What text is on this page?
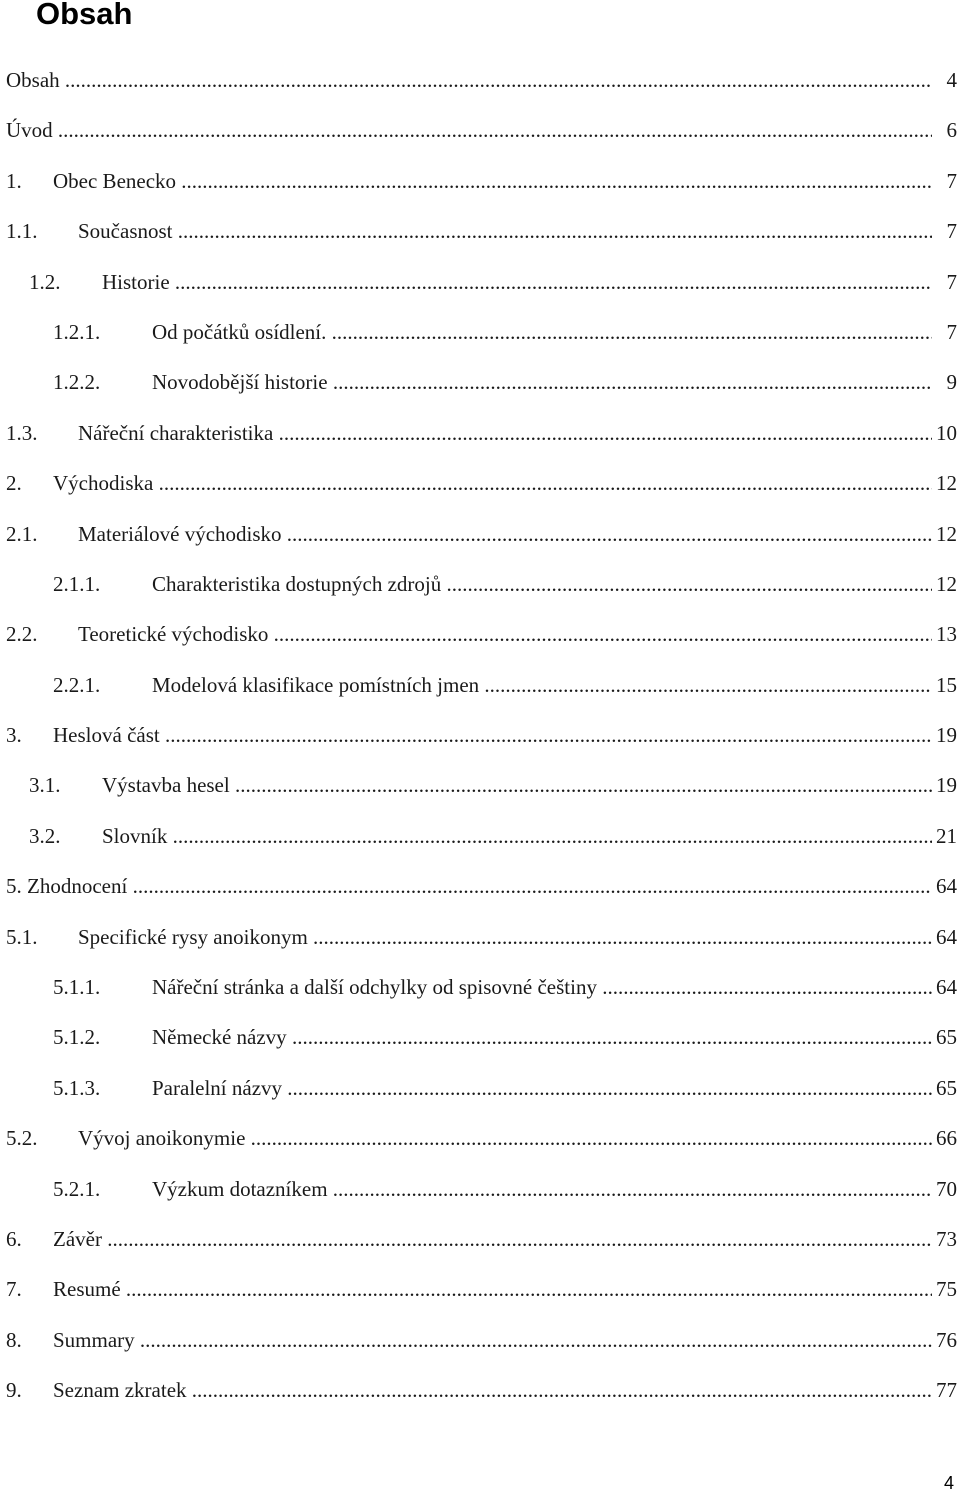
Obsah
Obsah .....	4
Úvod .....	6
1. Obec Benecko .....	7
1.1. Současnost .....	7
1.2. Historie .....	7
1.2.1. Od počátků osídlení. .....	7
1.2.2. Novodobější historie .....	9
1.3. Nářeční charakteristika .....	10
2. Východiska .....	12
2.1. Materiálové východisko .....	12
2.1.1. Charakteristika dostupných zdrojů .....	12
2.2. Teoretické východisko .....	13
2.2.1. Modelová klasifikace pomístních jmen .....	15
3. Heslová část .....	19
3.1. Výstavba hesel .....	19
3.2. Slovník .....	21
5. Zhodnocení .....	64
5.1. Specifické rysy anoikonym .....	64
5.1.1. Nářeční stránka a další odchylky od spisovné češtiny .....	64
5.1.2. Německé názvy .....	65
5.1.3. Paralelní názvy .....	65
5.2. Vývoj anoikonymie .....	66
5.2.1. Výzkum dotazníkem .....	70
6. Závěr .....	73
7. Resumé .....	75
8. Summary .....	76
9. Seznam zkratek .....	77
4
